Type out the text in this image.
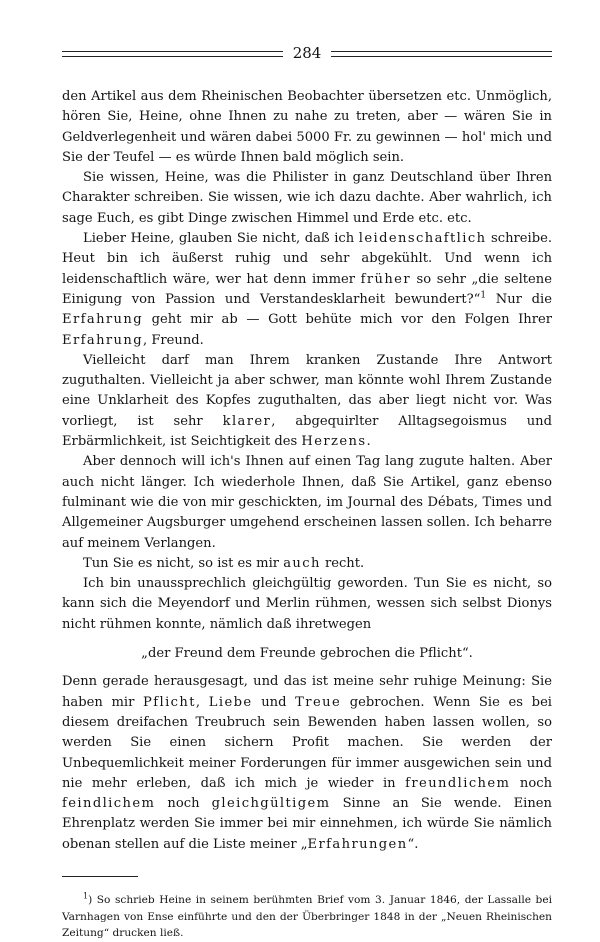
284

den Artikel aus dem Rheinischen Beobachter übersetzen etc. Unmöglich, hören Sie, Heine, ohne Ihnen zu nahe zu treten, aber — wären Sie in Geldverlegenheit und wären dabei 5000 Fr. zu gewinnen — hol' mich und Sie der Teufel — es würde Ihnen bald möglich sein.

Sie wissen, Heine, was die Philister in ganz Deutschland über Ihren Charakter schreiben. Sie wissen, wie ich dazu dachte. Aber wahrlich, ich sage Euch, es gibt Dinge zwischen Himmel und Erde etc. etc.

Lieber Heine, glauben Sie nicht, daß ich leidenschaftlich schreibe. Heut bin ich äußerst ruhig und sehr abgekühlt. Und wenn ich leidenschaftlich wäre, wer hat denn immer früher so sehr „die seltene Einigung von Passion und Verstandesklarheit bewundert?“$^1$ Nur die Erfahrung geht mir ab — Gott behüte mich vor den Folgen Ihrer Erfahrung, Freund.

Vielleicht darf man Ihrem kranken Zustande Ihre Antwort zuguthalten. Vielleicht ja aber schwer, man könnte wohl Ihrem Zustande eine Unklarheit des Kopfes zuguthalten, das aber liegt nicht vor. Was vorliegt, ist sehr klarer, abgequirlter Alltagsegoismus und Erbärmlichkeit, ist Seichtigkeit des Herzens.

Aber dennoch will ich's Ihnen auf einen Tag lang zugute halten. Aber auch nicht länger. Ich wiederhole Ihnen, daß Sie Artikel, ganz ebenso fulminant wie die von mir geschickten, im Journal des Débats, Times und Allgemeiner Augsburger umgehend erscheinen lassen sollen. Ich beharre auf meinem Verlangen.

Tun Sie es nicht, so ist es mir auch recht.

Ich bin unaussprechlich gleichgültig geworden. Tun Sie es nicht, so kann sich die Meyendorf und Merlin rühmen, wessen sich selbst Dionys nicht rühmen konnte, nämlich daß ihretwegen

„der Freund dem Freunde gebrochen die Pflicht“.

Denn gerade herausgesagt, und das ist meine sehr ruhige Meinung: Sie haben mir Pflicht, Liebe und Treue gebrochen. Wenn Sie es bei diesem dreifachen Treubruch sein Bewenden haben lassen wollen, so werden Sie einen sichern Profit machen. Sie werden der Unbequemlichkeit meiner Forderungen für immer ausgewichen sein und nie mehr erleben, daß ich mich je wieder in freundlichem noch feindlichem noch gleichgültigem Sinne an Sie wende. Einen Ehrenplatz werden Sie immer bei mir einnehmen, ich würde Sie nämlich obenan stellen auf die Liste meiner „Erfahrungen“.

$^1$) So schrieb Heine in seinem berühmten Brief vom 3. Januar 1846, der Lassalle bei Varnhagen von Ense einführte und den der Überbringer 1848 in der „Neuen Rheinischen Zeitung“ drucken ließ.
